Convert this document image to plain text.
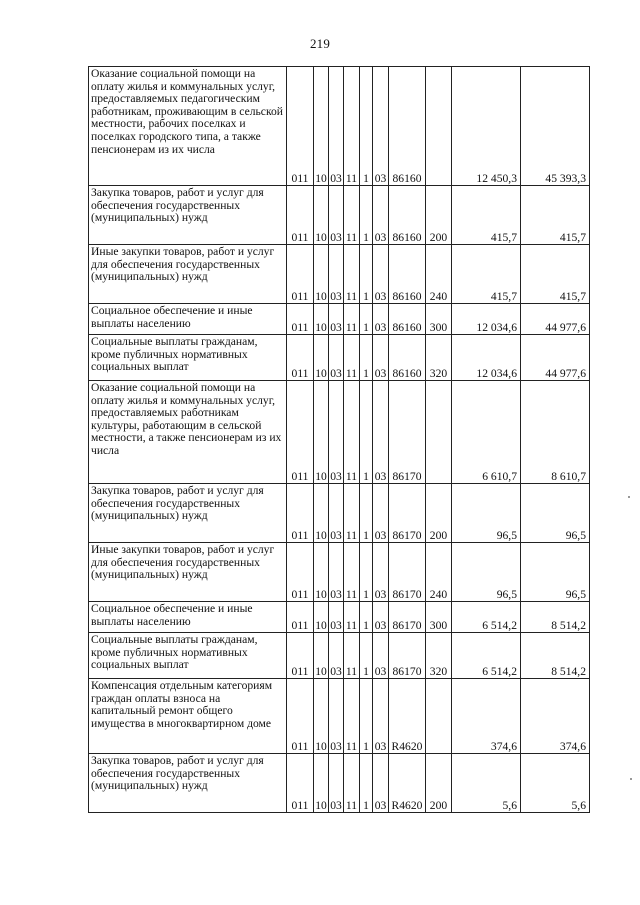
219
Оказание социальной помощи на оплату жилья и коммунальных услуг, предоставляемых педагогическим работникам, проживающим в сельской местности, рабочих поселках и поселках городского типа, а также пенсионерам из их числа	011	10	03	11	1	03	86160		12 450,3	45 393,3
Закупка товаров, работ и услуг для обеспечения государственных (муниципальных) нужд	011	10	03	11	1	03	86160	200	415,7	415,7
Иные закупки товаров, работ и услуг для обеспечения государственных (муниципальных) нужд	011	10	03	11	1	03	86160	240	415,7	415,7
Социальное обеспечение и иные выплаты населению	011	10	03	11	1	03	86160	300	12 034,6	44 977,6
Социальные выплаты гражданам, кроме публичных нормативных социальных выплат	011	10	03	11	1	03	86160	320	12 034,6	44 977,6
Оказание социальной помощи на оплату жилья и коммунальных услуг, предоставляемых работникам культуры, работающим в сельской местности, а также пенсионерам из их числа	011	10	03	11	1	03	86170		6 610,7	8 610,7
Закупка товаров, работ и услуг для обеспечения государственных (муниципальных) нужд	011	10	03	11	1	03	86170	200	96,5	96,5
Иные закупки товаров, работ и услуг для обеспечения государственных (муниципальных) нужд	011	10	03	11	1	03	86170	240	96,5	96,5
Социальное обеспечение и иные выплаты населению	011	10	03	11	1	03	86170	300	6 514,2	8 514,2
Социальные выплаты гражданам, кроме публичных нормативных социальных выплат	011	10	03	11	1	03	86170	320	6 514,2	8 514,2
Компенсация отдельным категориям граждан оплаты взноса на капитальный ремонт общего имущества в многоквартирном доме	011	10	03	11	1	03	R4620		374,6	374,6
Закупка товаров, работ и услуг для обеспечения государственных (муниципальных) нужд	011	10	03	11	1	03	R4620	200	5,6	5,6
